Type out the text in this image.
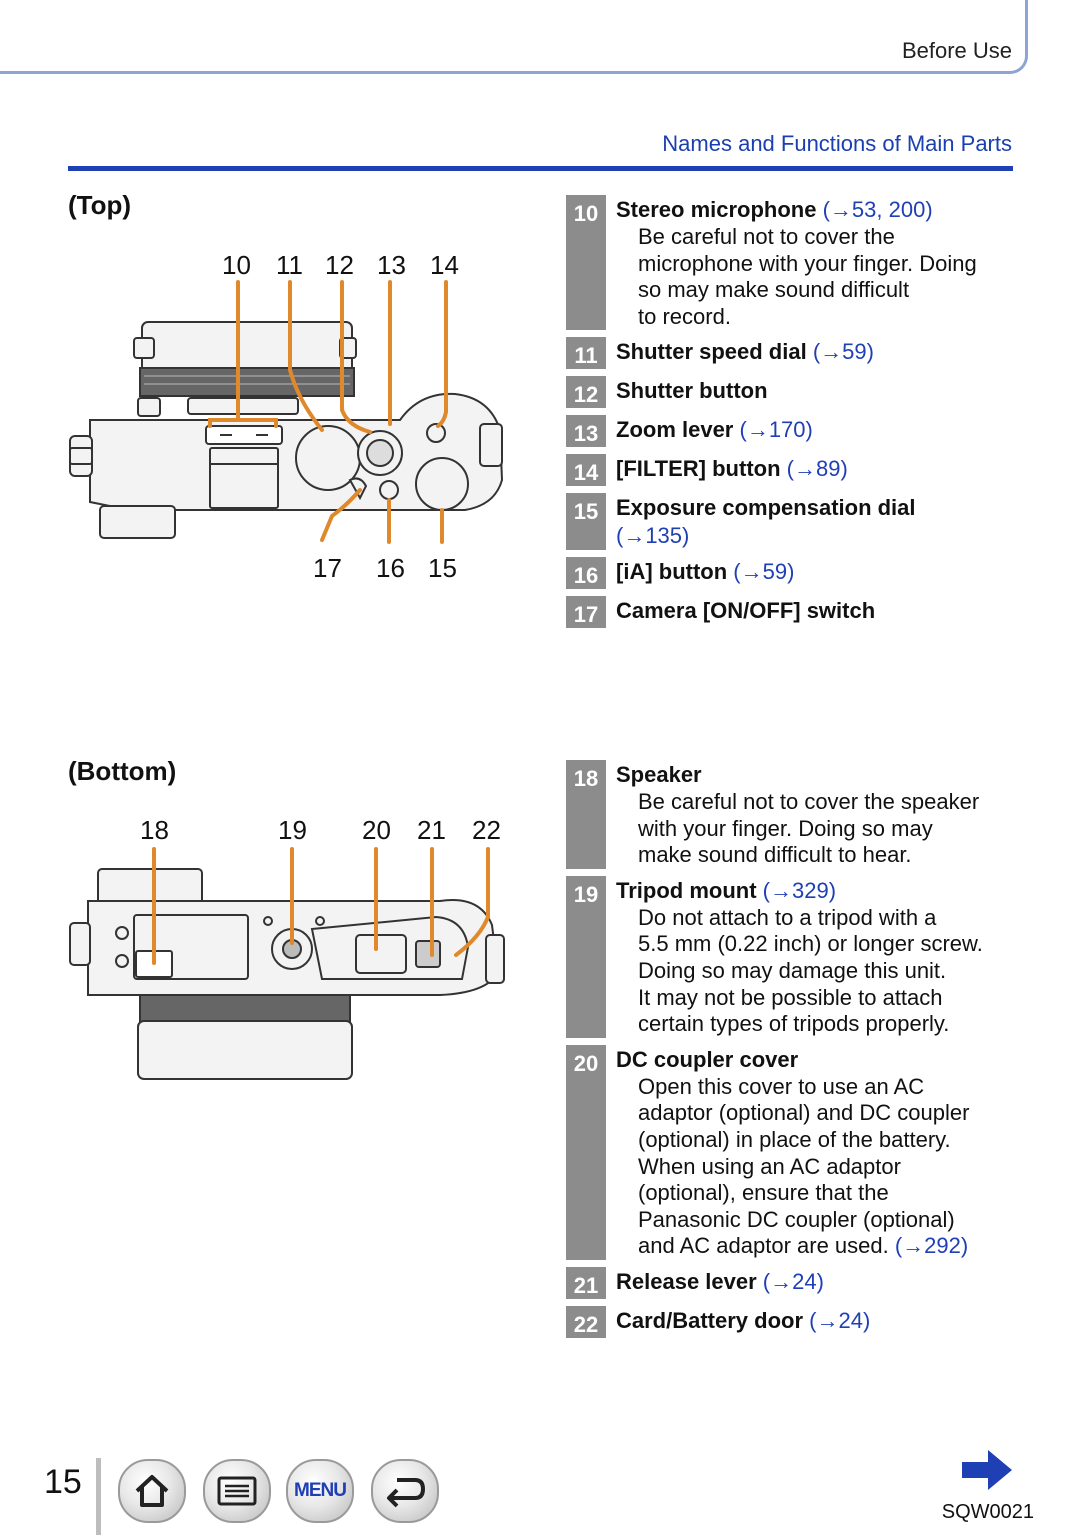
Before Use
Names and Functions of Main Parts
(Top)
10 11 12 13 14
17 16 15
(Bottom)
18	19 20 21 22
10 Stereo microphone (→53, 200)
Be careful not to cover the
microphone with your finger. Doing
so may make sound difficult
to record.
11 Shutter speed dial (→59)
12 Shutter button
13 Zoom lever (→170)
14 [FILTER] button (→89)
15 Exposure compensation dial
(→135)
16 [iA] button (→59)
17 Camera [ON/OFF] switch
18 Speaker
Be careful not to cover the speaker
with your finger. Doing so may
make sound difficult to hear.
19 Tripod mount (→329)
Do not attach to a tripod with a
5.5 mm (0.22 inch) or longer screw.
Doing so may damage this unit.
It may not be possible to attach
certain types of tripods properly.
20 DC coupler cover
Open this cover to use an AC
adaptor (optional) and DC coupler
(optional) in place of the battery.
When using an AC adaptor
(optional), ensure that the
Panasonic DC coupler (optional)
and AC adaptor are used. (→292)
21 Release lever (→24)
22 Card/Battery door (→24)
15	MENU
SQW0021
